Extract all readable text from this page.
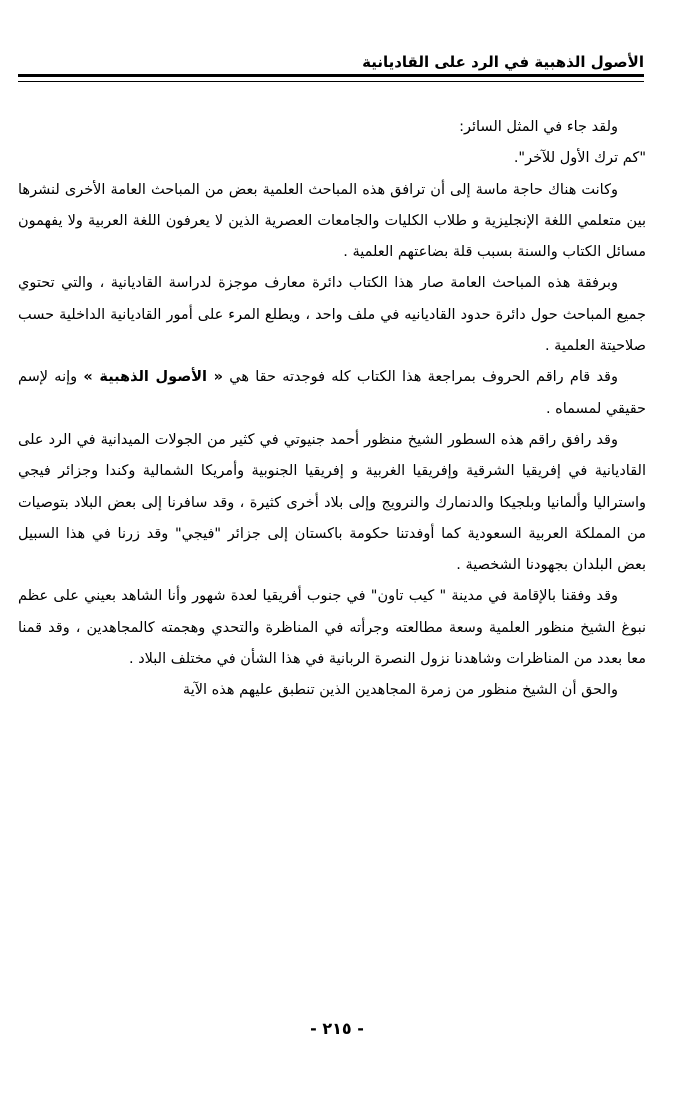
الأصول الذهبية في الرد على القاديانية

ولقد جاء في المثل السائر:

"كم ترك الأول للآخر".

وكانت هناك حاجة ماسة إلى أن ترافق هذه المباحث العلمية بعض من المباحث العامة الأخرى لنشرها بين متعلمي اللغة الإنجليزية و طلاب الكليات والجامعات العصرية الذين لا يعرفون اللغة العربية ولا يفهمون مسائل الكتاب والسنة بسبب قلة بضاعتهم العلمية .

وبرفقة هذه المباحث العامة صار هذا الكتاب دائرة معارف موجزة لدراسة القاديانية ، والتي تحتوي جميع المباحث حول دائرة حدود القاديانيه في ملف واحد ، ويطلع المرء على أمور القاديانية الداخلية حسب صلاحيتة العلمية .

وقد قام راقم الحروف بمراجعة هذا الكتاب كله فوجدته حقا هي « الأصول الذهبية » وإنه لإسم حقيقي لمسماه .

وقد رافق راقم هذه السطور الشيخ منظور أحمد جنيوتي في كثير من الجولات الميدانية في الرد على القاديانية في إفريقيا الشرقية وإفريقيا الغربية و إفريقيا الجنوبية وأمريكا الشمالية وكندا وجزائر فيجي واستراليا وألمانيا وبلجيكا والدنمارك والنرويج وإلى بلاد أخرى كثيرة ، وقد سافرنا إلى بعض البلاد بتوصيات من المملكة العربية السعودية كما أوفدتنا حكومة باكستان إلى جزائر "فيجي" وقد زرنا في هذا السبيل بعض البلدان بجهودنا الشخصية .

وقد وفقنا بالإقامة في مدينة " كيب تاون" في جنوب أفريقيا لعدة شهور وأنا الشاهد بعيني على عظم نبوغ الشيخ منظور العلمية وسعة مطالعته وجرأته في المناظرة والتحدي وهجمته كالمجاهدين ، وقد قمنا معا بعدد من المناظرات وشاهدنا نزول النصرة الربانية في هذا الشأن في مختلف البلاد .

والحق أن الشيخ منظور من زمرة المجاهدين الذين تنطبق عليهم هذه الآية

- ٢١٥ -
